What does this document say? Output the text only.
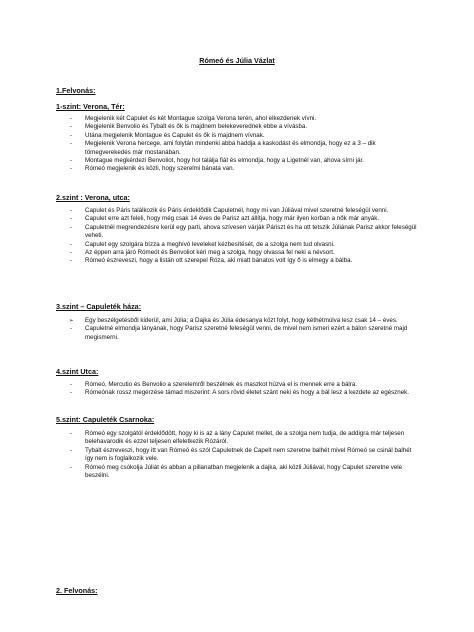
Rómeó és Júlia Vázlat
1.Felvonás:
1-szint: Verona, Tér:
- Megjelenik két Capulet és két Montague szolga Verona terén, ahol elkezdenek vívni.
- Megjelenik Benvolio és Tybalt és ők is majdnem belekeverednek ebbe a vívásba.
- Utána megjelenik Montague és Capulet és ők is majdnem vívnak.
- Megjelenik Verona hercege, ami folytán mindenki abba haddja a kaskodást és elmondja, hogy ez a 3 – dik tömegverekedés már mostanában.
- Montague megkérdezi Benvoliot, hogy hol találja fiát és elmondja, hogy a Ligetnél van, ahova sírni jár.
- Rómeó megjelenik és közli, hogy szerelmi bánata van.
2.szint : Verona, utca:
- Capulet és Páris találkozik és Páris érdeklődik Capuletnél, hogy mi van Júliával mivel szeretné feleségül venni.
- Capulet erre azt feleli, hogy még csak 14 éves de Parisz azt állítja, hogy már ilyen korban a nők már anyák.
- Capuletnél megrendezésre kerül egy parti, ahova szívesen várják Páriszt és ha ott tetszik Júliának Parisz akkor feleségül veheti.
- Capulet egy szolgára bízza a meghívó leveleket kézbesítését, de a szolga nem tud olvasni.
- Az éppen arra járó Rómeót és Benvoliot kéri meg a szolga, hogy olvassa fel neki a névsort.
- Rómeó észreveszi, hogy a listán ott szerepel Róza, aki miatt bánatos volt így ő is elmegy a bálba.
3.szint – Capuleték háza:
➢ Egy beszélgetésből kiderül, ami Júlia; a Dajka és Júlia édesanya közt folyt, hogy kéthétmúlva lesz csak 14 – éves.
- Capuletné elmondja lányának, hogy Parisz szeretné feleségül venni, de mivel nem ismeri ezért a bálon szeretné majd megismerni.
4.szint Utca:
- Rómeó, Mercutio és Benvolio a szerelemről beszélnek és maszkot húzva el is mennek erre a bálra.
- Rómeónak rossz megérzése támad miszerint: A sors rövid életet szánt neki és hogy a bál lesz a kezdete az egésznek.
5.szint: Capuleték Csarnoka:
- Rómeó egy szolgától érdeklődött, hogy ki is az a lány Capulet mellet, de a szolga nem tudja, de addigra már teljesen belehavarodik és ezzel teljesen elfeletkezik Rózáról.
- Tybalt észreveszi, hogy itt van Rómeó és szól Capuletnek de Capelt nem szeretne balhét mivel Rómeó se csinál balhét így nem is foglalkozik vele.
- Rómeó meg csókolja Júliát és abban a pillanatban megjelenik a dajka, aki közli Júliával, hogy Capulet szeretne vele beszélni.
2. Felvonás:
